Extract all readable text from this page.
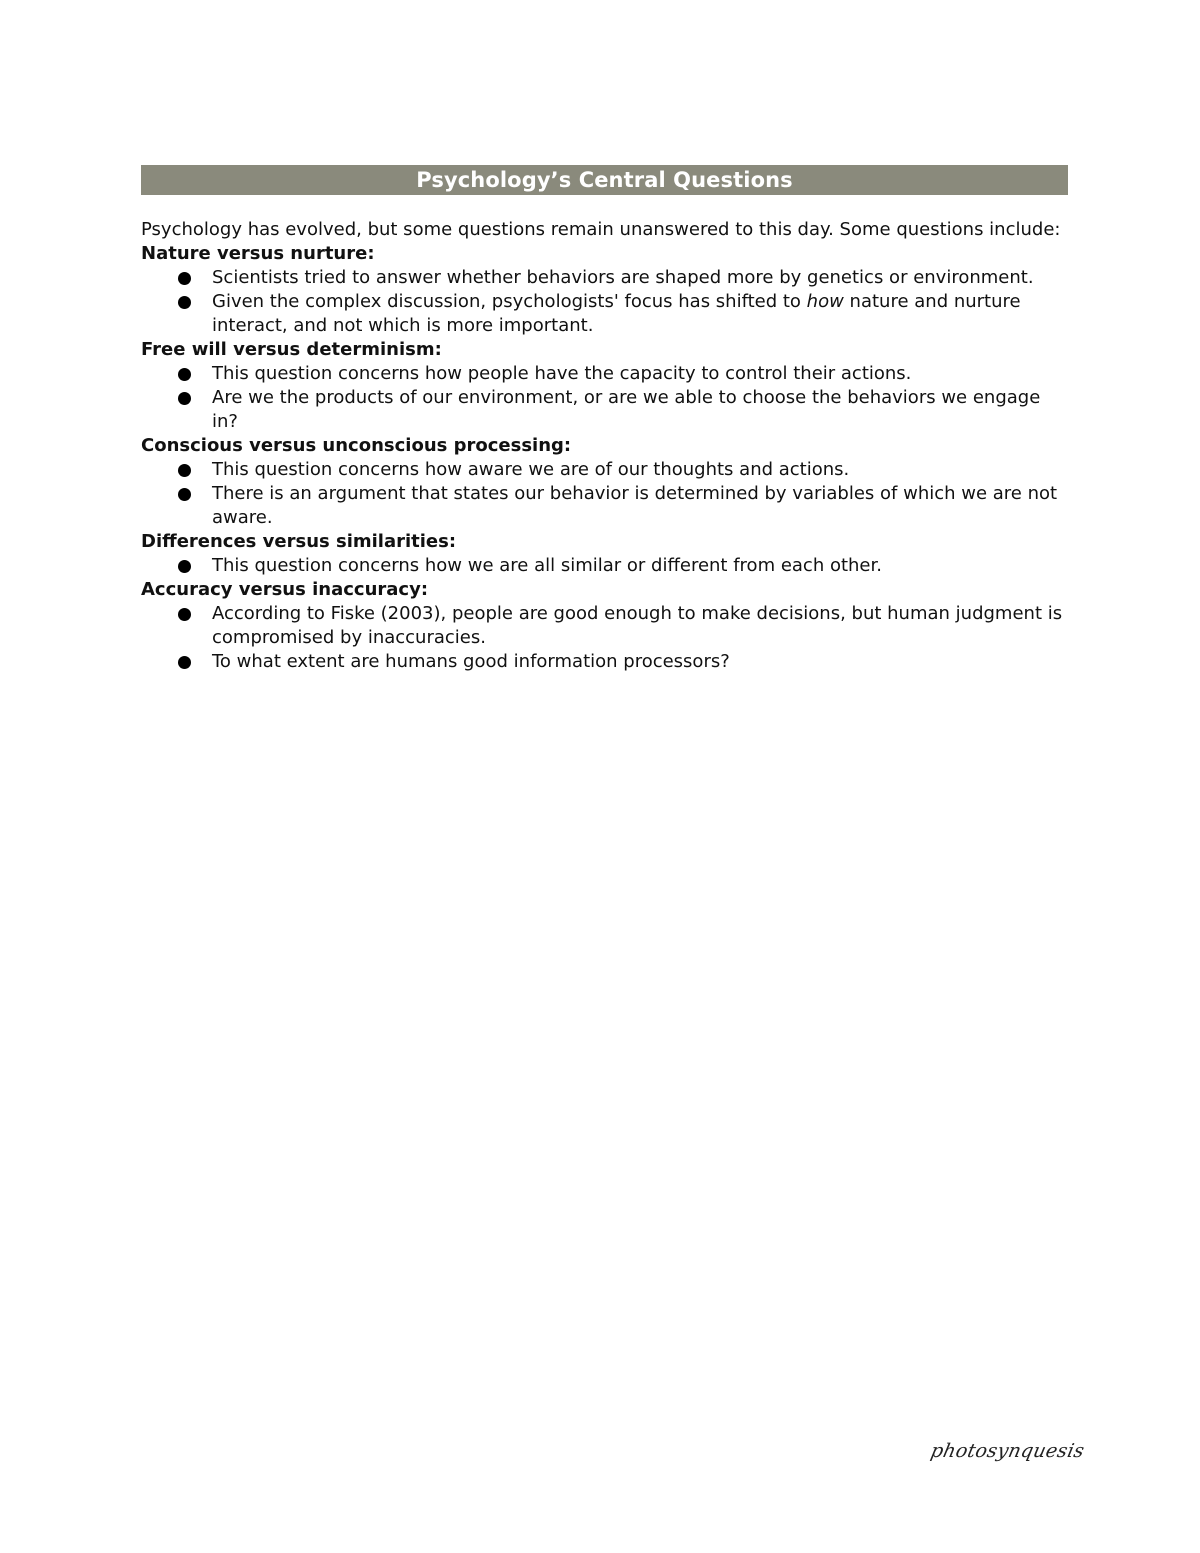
Psychology’s Central Questions

Psychology has evolved, but some questions remain unanswered to this day. Some questions include:

Nature versus nurture:

Scientists tried to answer whether behaviors are shaped more by genetics or environment.
Given the complex discussion, psychologists' focus has shifted to how nature and nurture interact, and not which is more important.

Free will versus determinism:

This question concerns how people have the capacity to control their actions.
Are we the products of our environment, or are we able to choose the behaviors we engage in?

Conscious versus unconscious processing:

This question concerns how aware we are of our thoughts and actions.
There is an argument that states our behavior is determined by variables of which we are not aware.

Differences versus similarities:

This question concerns how we are all similar or different from each other.

Accuracy versus inaccuracy:

According to Fiske (2003), people are good enough to make decisions, but human judgment is compromised by inaccuracies.
To what extent are humans good information processors?
photosynquesis
